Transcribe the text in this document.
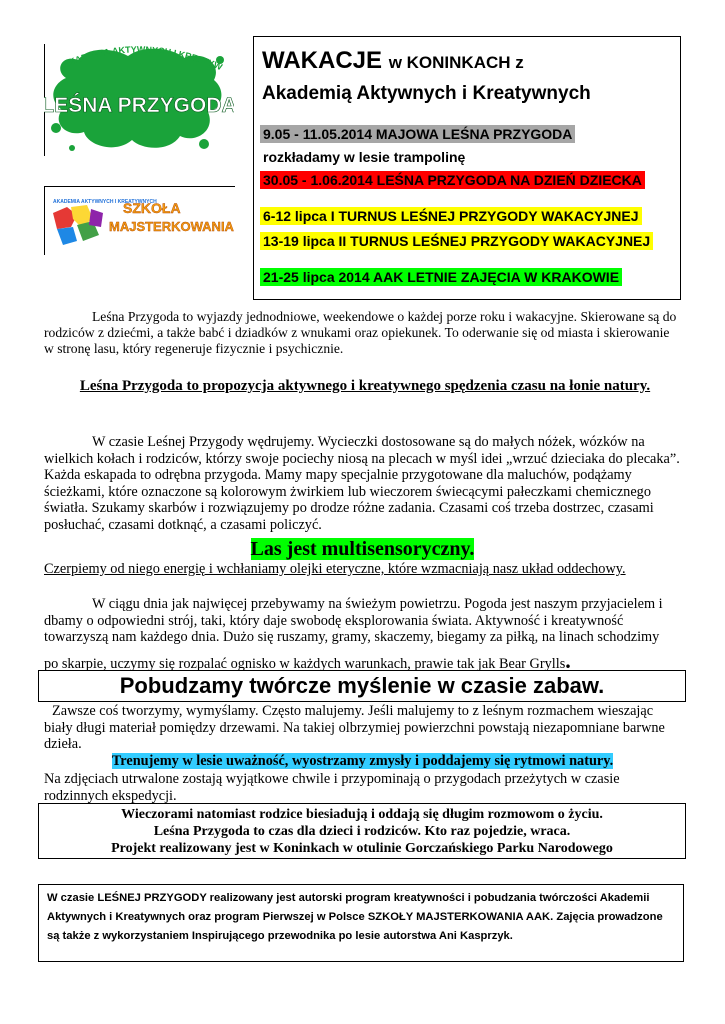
AKADEMIA AKTYWNYCH I KREATYW
LEŚNA PRZYGODA
AKADEMIA AKTYWNYCH I KREATYWNYCH
SZKOŁA
MAJSTERKOWANIA
WAKACJE w KONINKACH z
Akademią Aktywnych i Kreatywnych
9.05 - 11.05.2014 MAJOWA LEŚNA PRZYGODA
rozkładamy w lesie trampolinę
30.05 - 1.06.2014 LEŚNA PRZYGODA NA DZIEŃ DZIECKA
6-12 lipca I TURNUS LEŚNEJ PRZYGODY WAKACYJNEJ
13-19 lipca II TURNUS LEŚNEJ PRZYGODY WAKACYJNEJ
21-25 lipca 2014 AAK LETNIE ZAJĘCIA W KRAKOWIE
Leśna Przygoda to wyjazdy jednodniowe, weekendowe o każdej porze roku i wakacyjne. Skierowane są do rodziców z dziećmi, a także babć i dziadków z wnukami oraz opiekunek. To oderwanie się od miasta i skierowanie w stronę lasu, który regeneruje fizycznie i psychicznie.
Leśna Przygoda to propozycja aktywnego i kreatywnego spędzenia czasu na łonie natury.
W czasie Leśnej Przygody wędrujemy. Wycieczki dostosowane są do małych nóżek, wózków na wielkich kołach i rodziców, którzy swoje pociechy niosą na plecach w myśl idei „wrzuć dzieciaka do plecaka”. Każda eskapada to odrębna przygoda. Mamy mapy specjalnie przygotowane dla maluchów, podążamy ścieżkami, które oznaczone są kolorowym żwirkiem lub wieczorem świecącymi pałeczkami chemicznego światła. Szukamy skarbów i rozwiązujemy po drodze różne zadania. Czasami coś trzeba dostrzec, czasami posłuchać, czasami dotknąć, a czasami policzyć.
Las jest multisensoryczny.
Czerpiemy od niego energię i wchłaniamy olejki eteryczne, które wzmacniają nasz układ oddechowy.
W ciągu dnia jak najwięcej przebywamy na świeżym powietrzu. Pogoda jest naszym przyjacielem i dbamy o odpowiedni strój, taki, który daje swobodę eksplorowania świata. Aktywność i kreatywność towarzyszą nam każdego dnia. Dużo się ruszamy, gramy, skaczemy, biegamy za piłką, na linach schodzimy
po skarpie, uczymy się rozpalać ognisko w każdych warunkach, prawie tak jak Bear Grylls.
Pobudzamy twórcze myślenie w czasie zabaw.
Zawsze coś tworzymy, wymyślamy. Często malujemy. Jeśli malujemy to z leśnym rozmachem wieszając biały długi materiał pomiędzy drzewami. Na takiej olbrzymiej powierzchni powstają niezapomniane barwne dzieła.
Trenujemy w lesie uważność, wyostrzamy zmysły i poddajemy się rytmowi natury.
Na zdjęciach utrwalone zostają wyjątkowe chwile i przypominają o przygodach przeżytych w czasie rodzinnych ekspedycji.
Wieczorami natomiast rodzice biesiadują i oddają się długim rozmowom o życiu.
Leśna Przygoda to czas dla dzieci i rodziców. Kto raz pojedzie, wraca.
Projekt realizowany jest w Koninkach w otulinie Gorczańskiego Parku Narodowego
W czasie LEŚNEJ PRZYGODY realizowany jest autorski program kreatywności i pobudzania twórczości Akademii Aktywnych i Kreatywnych oraz program Pierwszej w Polsce SZKOŁY MAJSTERKOWANIA AAK. Zajęcia prowadzone są także z wykorzystaniem Inspirującego przewodnika po lesie autorstwa Ani Kasprzyk.
